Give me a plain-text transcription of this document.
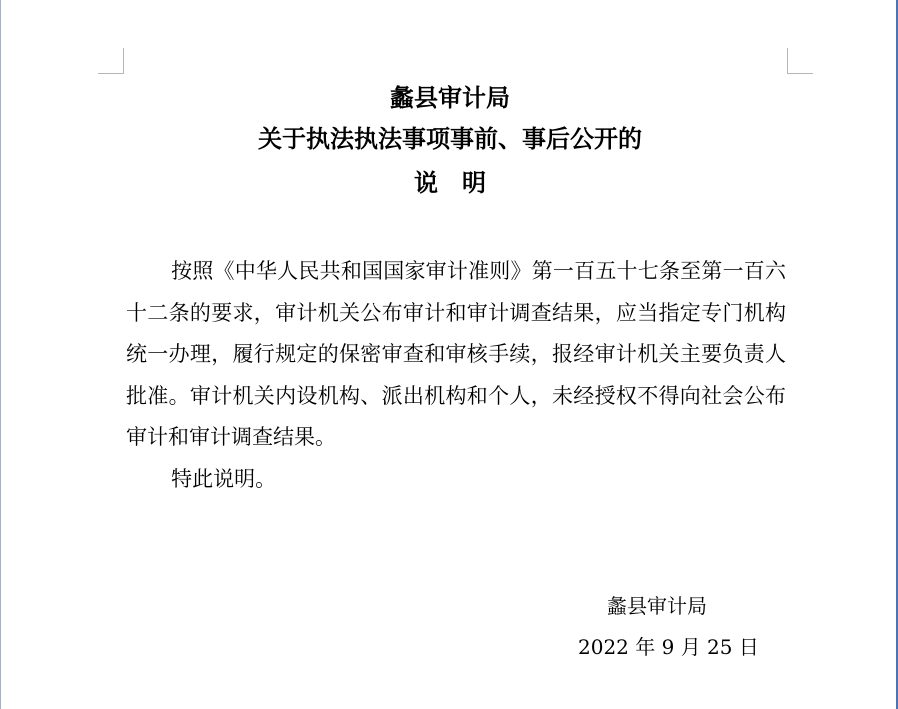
蠡县审计局
关于执法执法事项事前、事后公开的
说明

按照《中华人民共和国国家审计准则》第一百五十七条至第一百六十二条的要求，审计机关公布审计和审计调查结果，应当指定专门机构统一办理，履行规定的保密审查和审核手续，报经审计机关主要负责人批准。审计机关内设机构、派出机构和个人，未经授权不得向社会公布审计和审计调查结果。

特此说明。

蠡县审计局
2022 年 9 月 25 日
